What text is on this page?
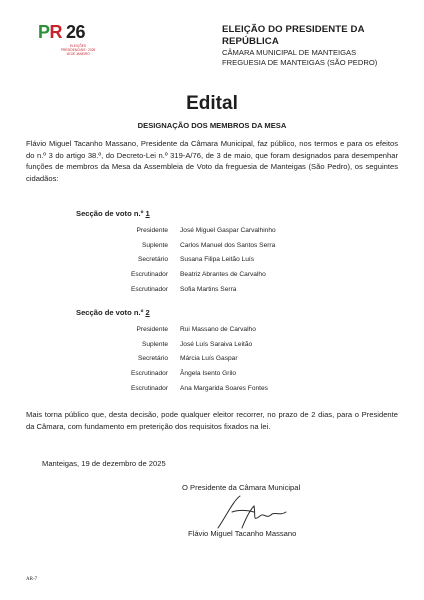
PR 26
ELEIÇÕES
PRESIDENCIAIS · 2026
18 DE JANEIRO
ELEIÇÃO DO PRESIDENTE DA REPÚBLICA
CÂMARA MUNICIPAL DE MANTEIGAS
FREGUESIA DE MANTEIGAS (SÃO PEDRO)
Edital
DESIGNAÇÃO DOS MEMBROS DA MESA
Flávio Miguel Tacanho Massano, Presidente da Câmara Municipal, faz público, nos termos e para os efeitos do n.º 3 do artigo 38.º, do Decreto-Lei n.º 319-A/76, de 3 de maio, que foram designados para desempenhar funções de membros da Mesa da Assembleia de Voto da freguesia de Manteigas (São Pedro), os seguintes cidadãos:
Secção de voto n.º 1
Presidente	José Miguel Gaspar Carvalhinho
Suplente	Carlos Manuel dos Santos Serra
Secretário	Susana Filipa Leitão Luís
Escrutinador	Beatriz Abrantes de Carvalho
Escrutinador	Sofia Martins Serra
Secção de voto n.º 2
Presidente	Rui Massano de Carvalho
Suplente	José Luís Saraiva Leitão
Secretário	Márcia Luís Gaspar
Escrutinador	Ângela Isento Grilo
Escrutinador	Ana Margarida Soares Fontes
Mais torna público que, desta decisão, pode qualquer eleitor recorrer, no prazo de 2 dias, para o Presidente da Câmara, com fundamento em preterição dos requisitos fixados na lei.
Manteigas, 19 de dezembro de 2025
O Presidente da Câmara Municipal
Flávio Miguel Tacanho Massano
AR-7
